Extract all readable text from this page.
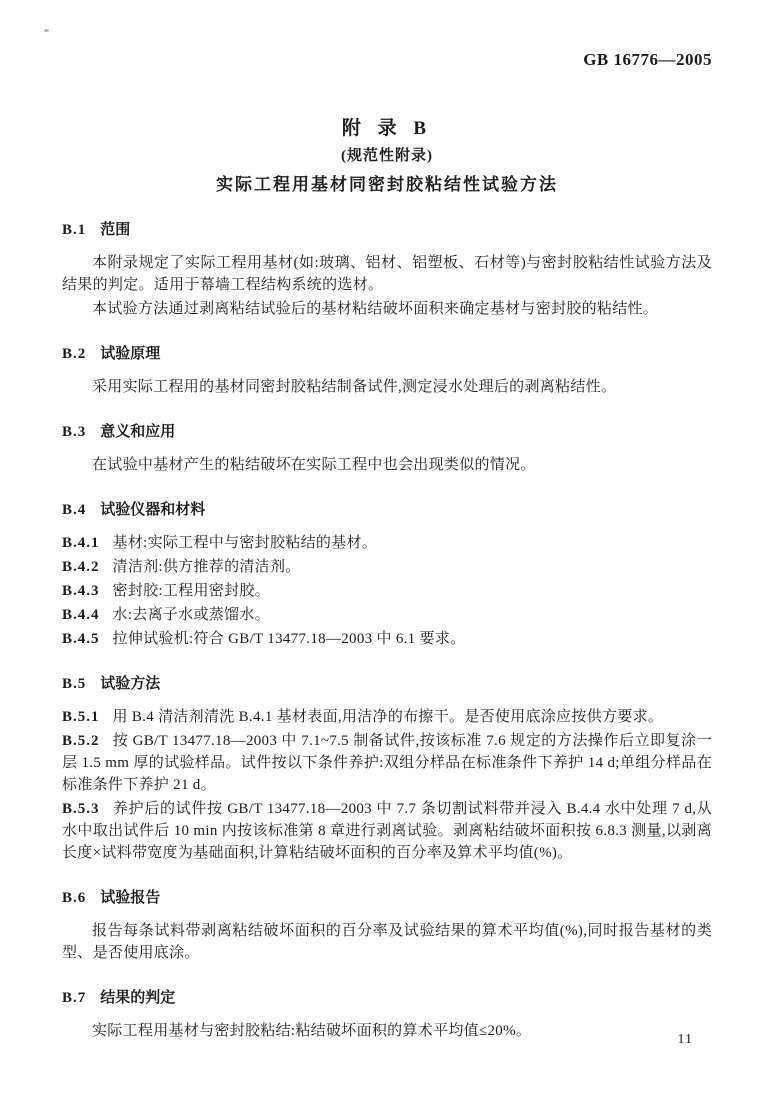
GB 16776—2005
附 录 B
(规范性附录)
实际工程用基材同密封胶粘结性试验方法

B.1 范围

本附录规定了实际工程用基材(如:玻璃、铝材、铝塑板、石材等)与密封胶粘结性试验方法及结果的判定。适用于幕墙工程结构系统的选材。

本试验方法通过剥离粘结试验后的基材粘结破坏面积来确定基材与密封胶的粘结性。

B.2 试验原理

采用实际工程用的基材同密封胶粘结制备试件,测定浸水处理后的剥离粘结性。

B.3 意义和应用

在试验中基材产生的粘结破坏在实际工程中也会出现类似的情况。

B.4 试验仪器和材料

B.4.1 基材:实际工程中与密封胶粘结的基材。

B.4.2 清洁剂:供方推荐的清洁剂。

B.4.3 密封胶:工程用密封胶。

B.4.4 水:去离子水或蒸馏水。

B.4.5 拉伸试验机:符合 GB/T 13477.18—2003 中 6.1 要求。

B.5 试验方法

B.5.1 用 B.4 清洁剂清洗 B.4.1 基材表面,用洁净的布擦干。是否使用底涂应按供方要求。

B.5.2 按 GB/T 13477.18—2003 中 7.1~7.5 制备试件,按该标准 7.6 规定的方法操作后立即复涂一层 1.5 mm 厚的试验样品。试件按以下条件养护:双组分样品在标准条件下养护 14 d;单组分样品在标准条件下养护 21 d。

B.5.3 养护后的试件按 GB/T 13477.18—2003 中 7.7 条切割试料带并浸入 B.4.4 水中处理 7 d,从水中取出试件后 10 min 内按该标准第 8 章进行剥离试验。剥离粘结破坏面积按 6.8.3 测量,以剥离长度×试料带宽度为基础面积,计算粘结破坏面积的百分率及算术平均值(%)。

B.6 试验报告

报告每条试料带剥离粘结破坏面积的百分率及试验结果的算术平均值(%),同时报告基材的类型、是否使用底涂。

B.7 结果的判定

实际工程用基材与密封胶粘结:粘结破坏面积的算术平均值≤20%。

11
